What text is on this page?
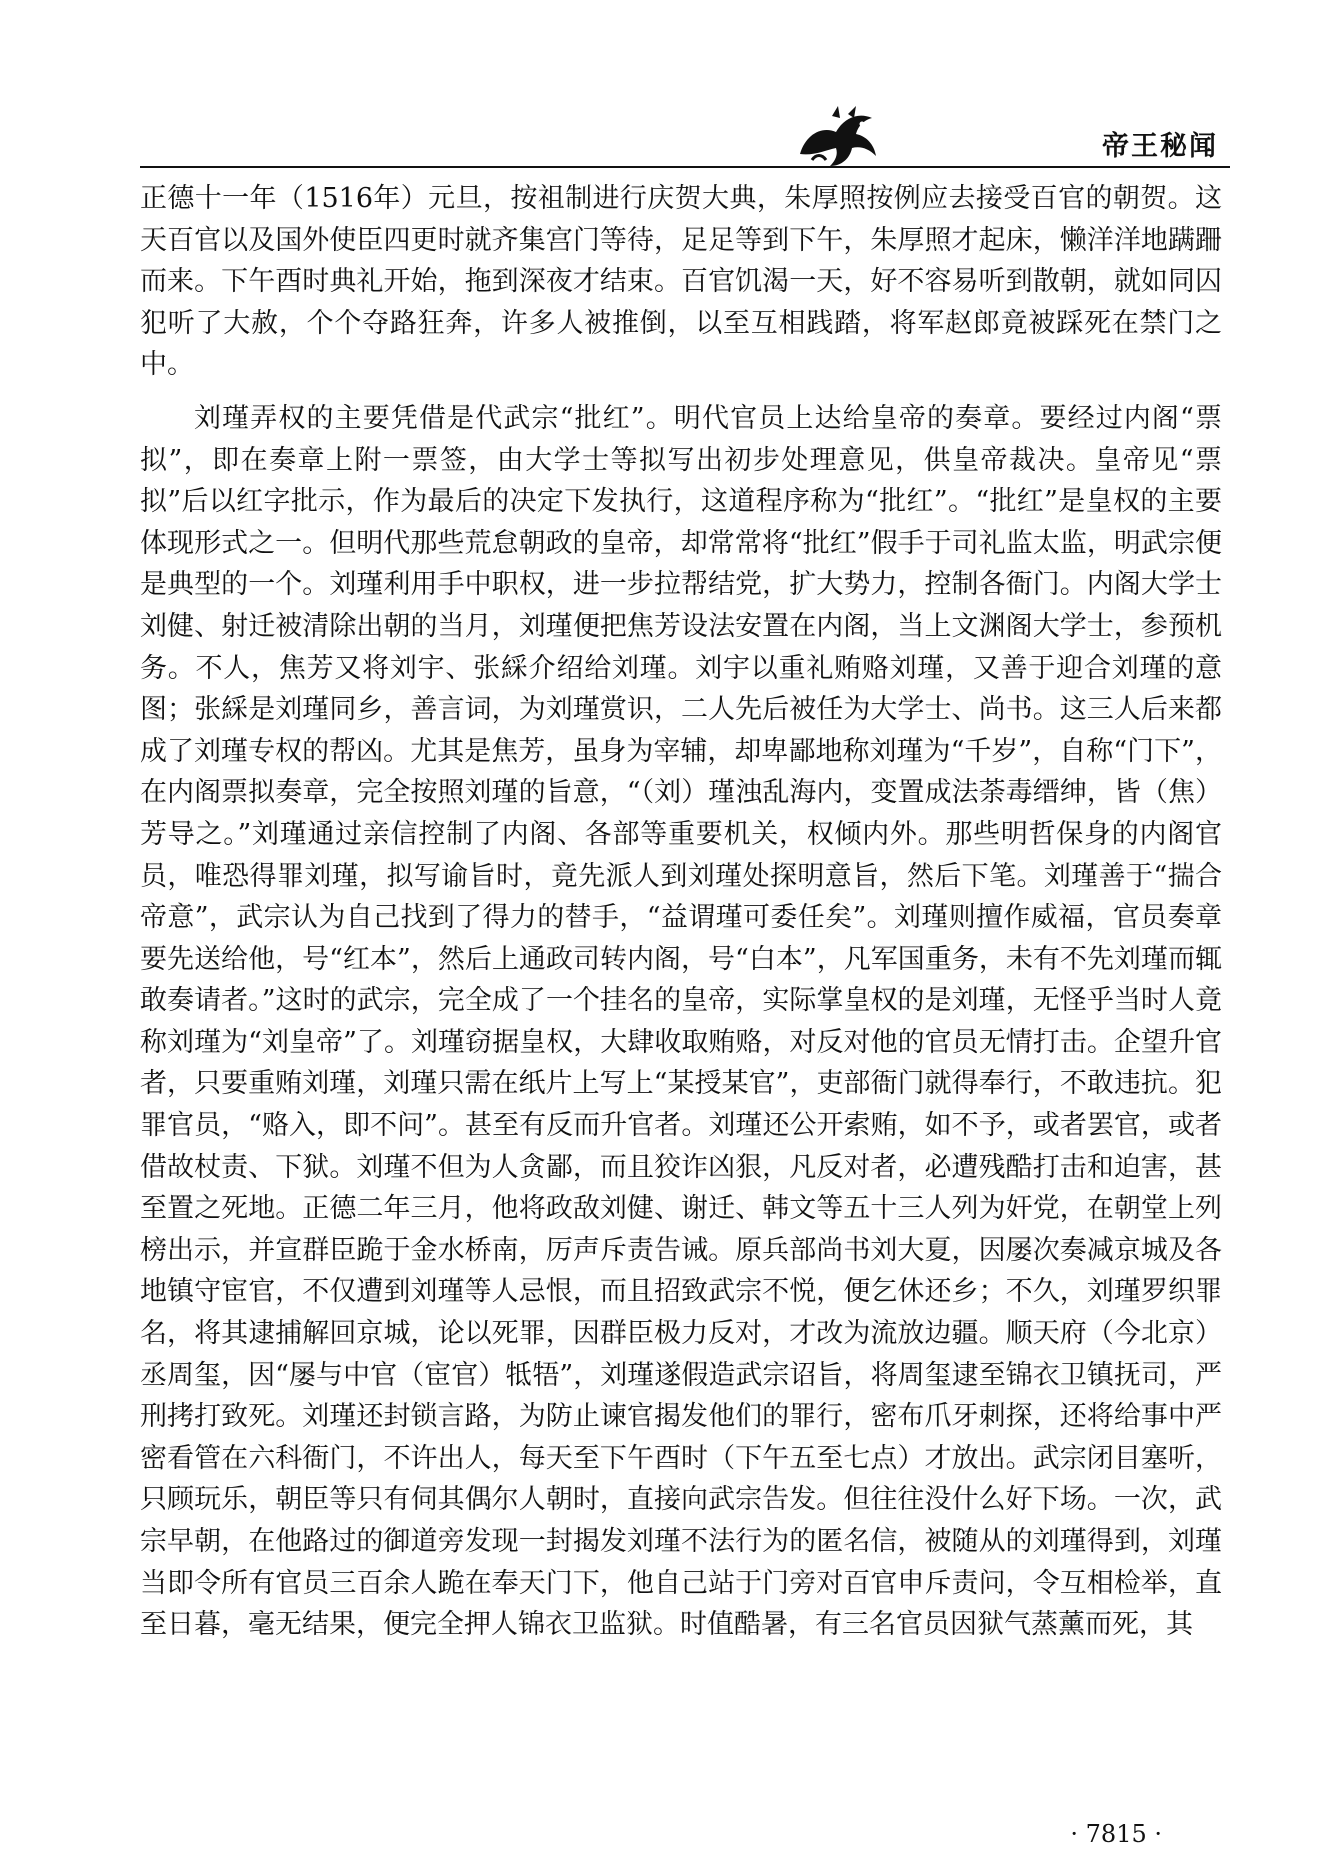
帝王秘闻

正德十一年（1516年）元旦，按祖制进行庆贺大典，朱厚照按例应去接受百官的朝贺。这天百官以及国外使臣四更时就齐集宫门等待，足足等到下午，朱厚照才起床，懒洋洋地蹒跚而来。下午酉时典礼开始，拖到深夜才结束。百官饥渴一天，好不容易听到散朝，就如同囚犯听了大赦，个个夺路狂奔，许多人被推倒，以至互相践踏，将军赵郎竟被踩死在禁门之中。

刘瑾弄权的主要凭借是代武宗“批红”。明代官员上达给皇帝的奏章。要经过内阁“票拟”，即在奏章上附一票签，由大学士等拟写出初步处理意见，供皇帝裁决。皇帝见“票拟”后以红字批示，作为最后的决定下发执行，这道程序称为“批红”。“批红”是皇权的主要体现形式之一。但明代那些荒怠朝政的皇帝，却常常将“批红”假手于司礼监太监，明武宗便是典型的一个。刘瑾利用手中职权，进一步拉帮结党，扩大势力，控制各衙门。内阁大学士刘健、射迁被清除出朝的当月，刘瑾便把焦芳设法安置在内阁，当上文渊阁大学士，参预机务。不人，焦芳又将刘宇、张綵介绍给刘瑾。刘宇以重礼贿赂刘瑾，又善于迎合刘瑾的意图；张綵是刘瑾同乡，善言词，为刘瑾赏识，二人先后被任为大学士、尚书。这三人后来都成了刘瑾专权的帮凶。尤其是焦芳，虽身为宰辅，却卑鄙地称刘瑾为“千岁”，自称“门下”，在内阁票拟奏章，完全按照刘瑾的旨意，“（刘）瑾浊乱海内，变置成法荼毒缙绅，皆（焦）芳导之。”刘瑾通过亲信控制了内阁、各部等重要机关，权倾内外。那些明哲保身的内阁官员，唯恐得罪刘瑾，拟写谕旨时，竟先派人到刘瑾处探明意旨，然后下笔。刘瑾善于“揣合帝意”，武宗认为自己找到了得力的替手，“益谓瑾可委任矣”。刘瑾则擅作威福，官员奏章要先送给他，号“红本”，然后上通政司转内阁，号“白本”，凡军国重务，未有不先刘瑾而辄敢奏请者。”这时的武宗，完全成了一个挂名的皇帝，实际掌皇权的是刘瑾，无怪乎当时人竟称刘瑾为“刘皇帝”了。刘瑾窃据皇权，大肆收取贿赂，对反对他的官员无情打击。企望升官者，只要重贿刘瑾，刘瑾只需在纸片上写上“某授某官”，吏部衙门就得奉行，不敢违抗。犯罪官员，“赂入，即不问”。甚至有反而升官者。刘瑾还公开索贿，如不予，或者罢官，或者借故杖责、下狱。刘瑾不但为人贪鄙，而且狡诈凶狠，凡反对者，必遭残酷打击和迫害，甚至置之死地。正德二年三月，他将政敌刘健、谢迁、韩文等五十三人列为奸党，在朝堂上列榜出示，并宣群臣跪于金水桥南，厉声斥责告诫。原兵部尚书刘大夏，因屡次奏减京城及各地镇守宦官，不仅遭到刘瑾等人忌恨，而且招致武宗不悦，便乞休还乡；不久，刘瑾罗织罪名，将其逮捕解回京城，论以死罪，因群臣极力反对，才改为流放边疆。顺天府（今北京）丞周玺，因“屡与中官（宦官）牴牾”，刘瑾遂假造武宗诏旨，将周玺逮至锦衣卫镇抚司，严刑拷打致死。刘瑾还封锁言路，为防止谏官揭发他们的罪行，密布爪牙刺探，还将给事中严密看管在六科衙门，不许出人，每天至下午酉时（下午五至七点）才放出。武宗闭目塞听，只顾玩乐，朝臣等只有伺其偶尔人朝时，直接向武宗告发。但往往没什么好下场。一次，武宗早朝，在他路过的御道旁发现一封揭发刘瑾不法行为的匿名信，被随从的刘瑾得到，刘瑾当即令所有官员三百余人跪在奉天门下，他自己站于门旁对百官申斥责问，令互相检举，直至日暮，毫无结果，便完全押人锦衣卫监狱。时值酷暑，有三名官员因狱气蒸薰而死，其

· 7815 ·
